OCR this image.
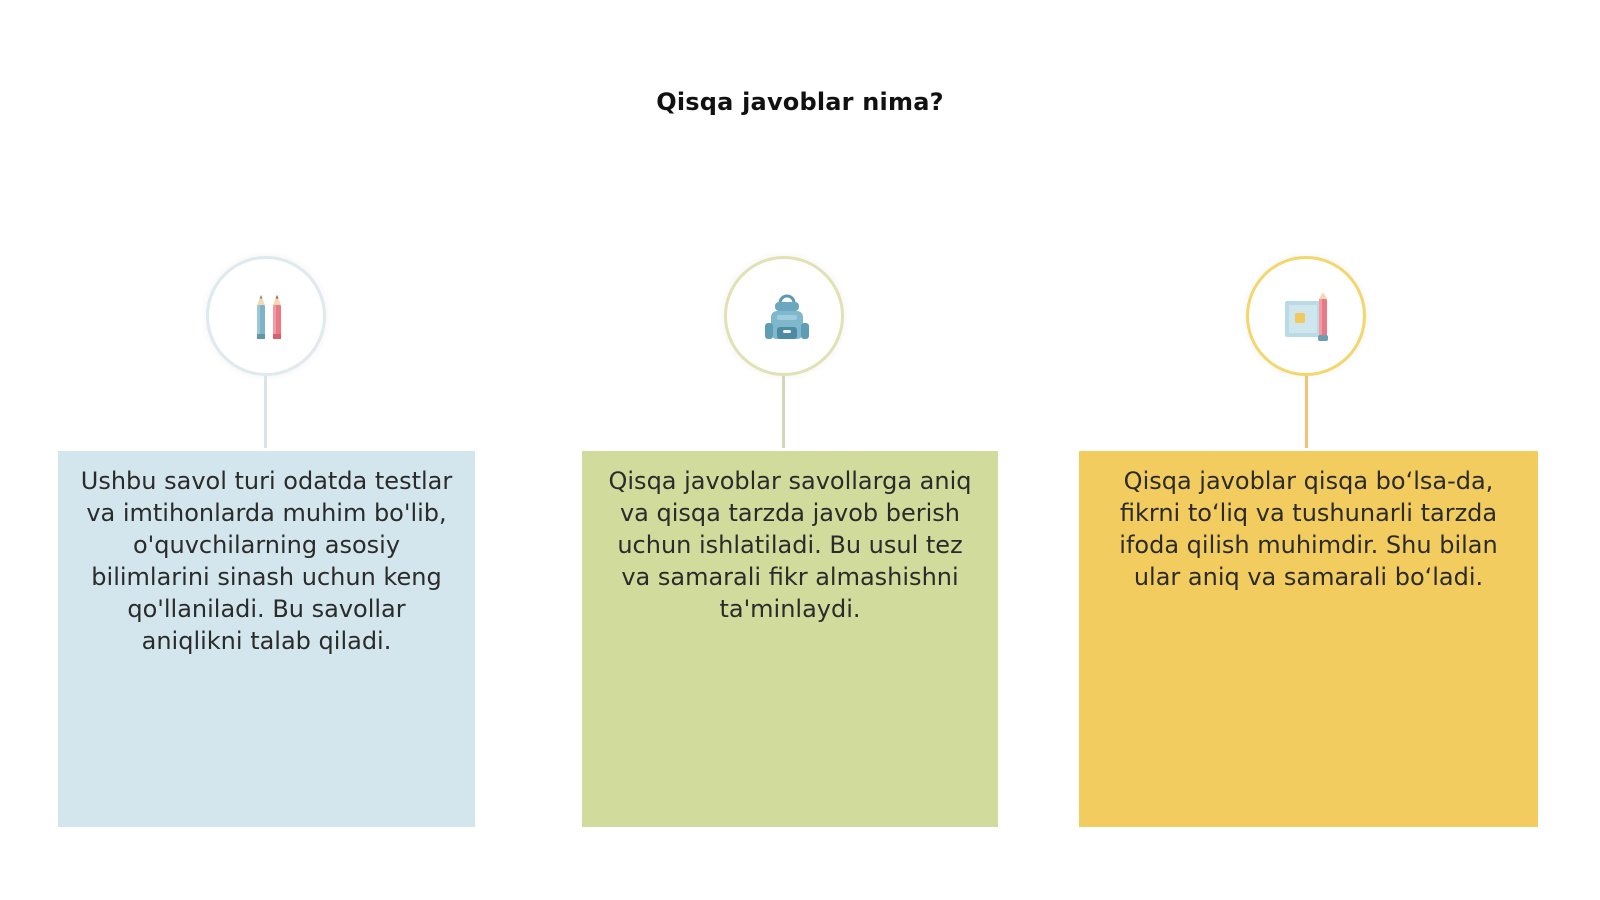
Qisqa javoblar nima?

Ushbu savol turi odatda testlar va imtihonlarda muhim bo'lib, o'quvchilarning asosiy bilimlarini sinash uchun keng qo'llaniladi. Bu savollar aniqlikni talab qiladi.

Qisqa javoblar savollarga aniq va qisqa tarzda javob berish uchun ishlatiladi. Bu usul tez va samarali fikr almashishni ta'minlaydi.

Qisqa javoblar qisqa bo‘lsa-da, fikrni to‘liq va tushunarli tarzda ifoda qilish muhimdir. Shu bilan ular aniq va samarali bo‘ladi.
